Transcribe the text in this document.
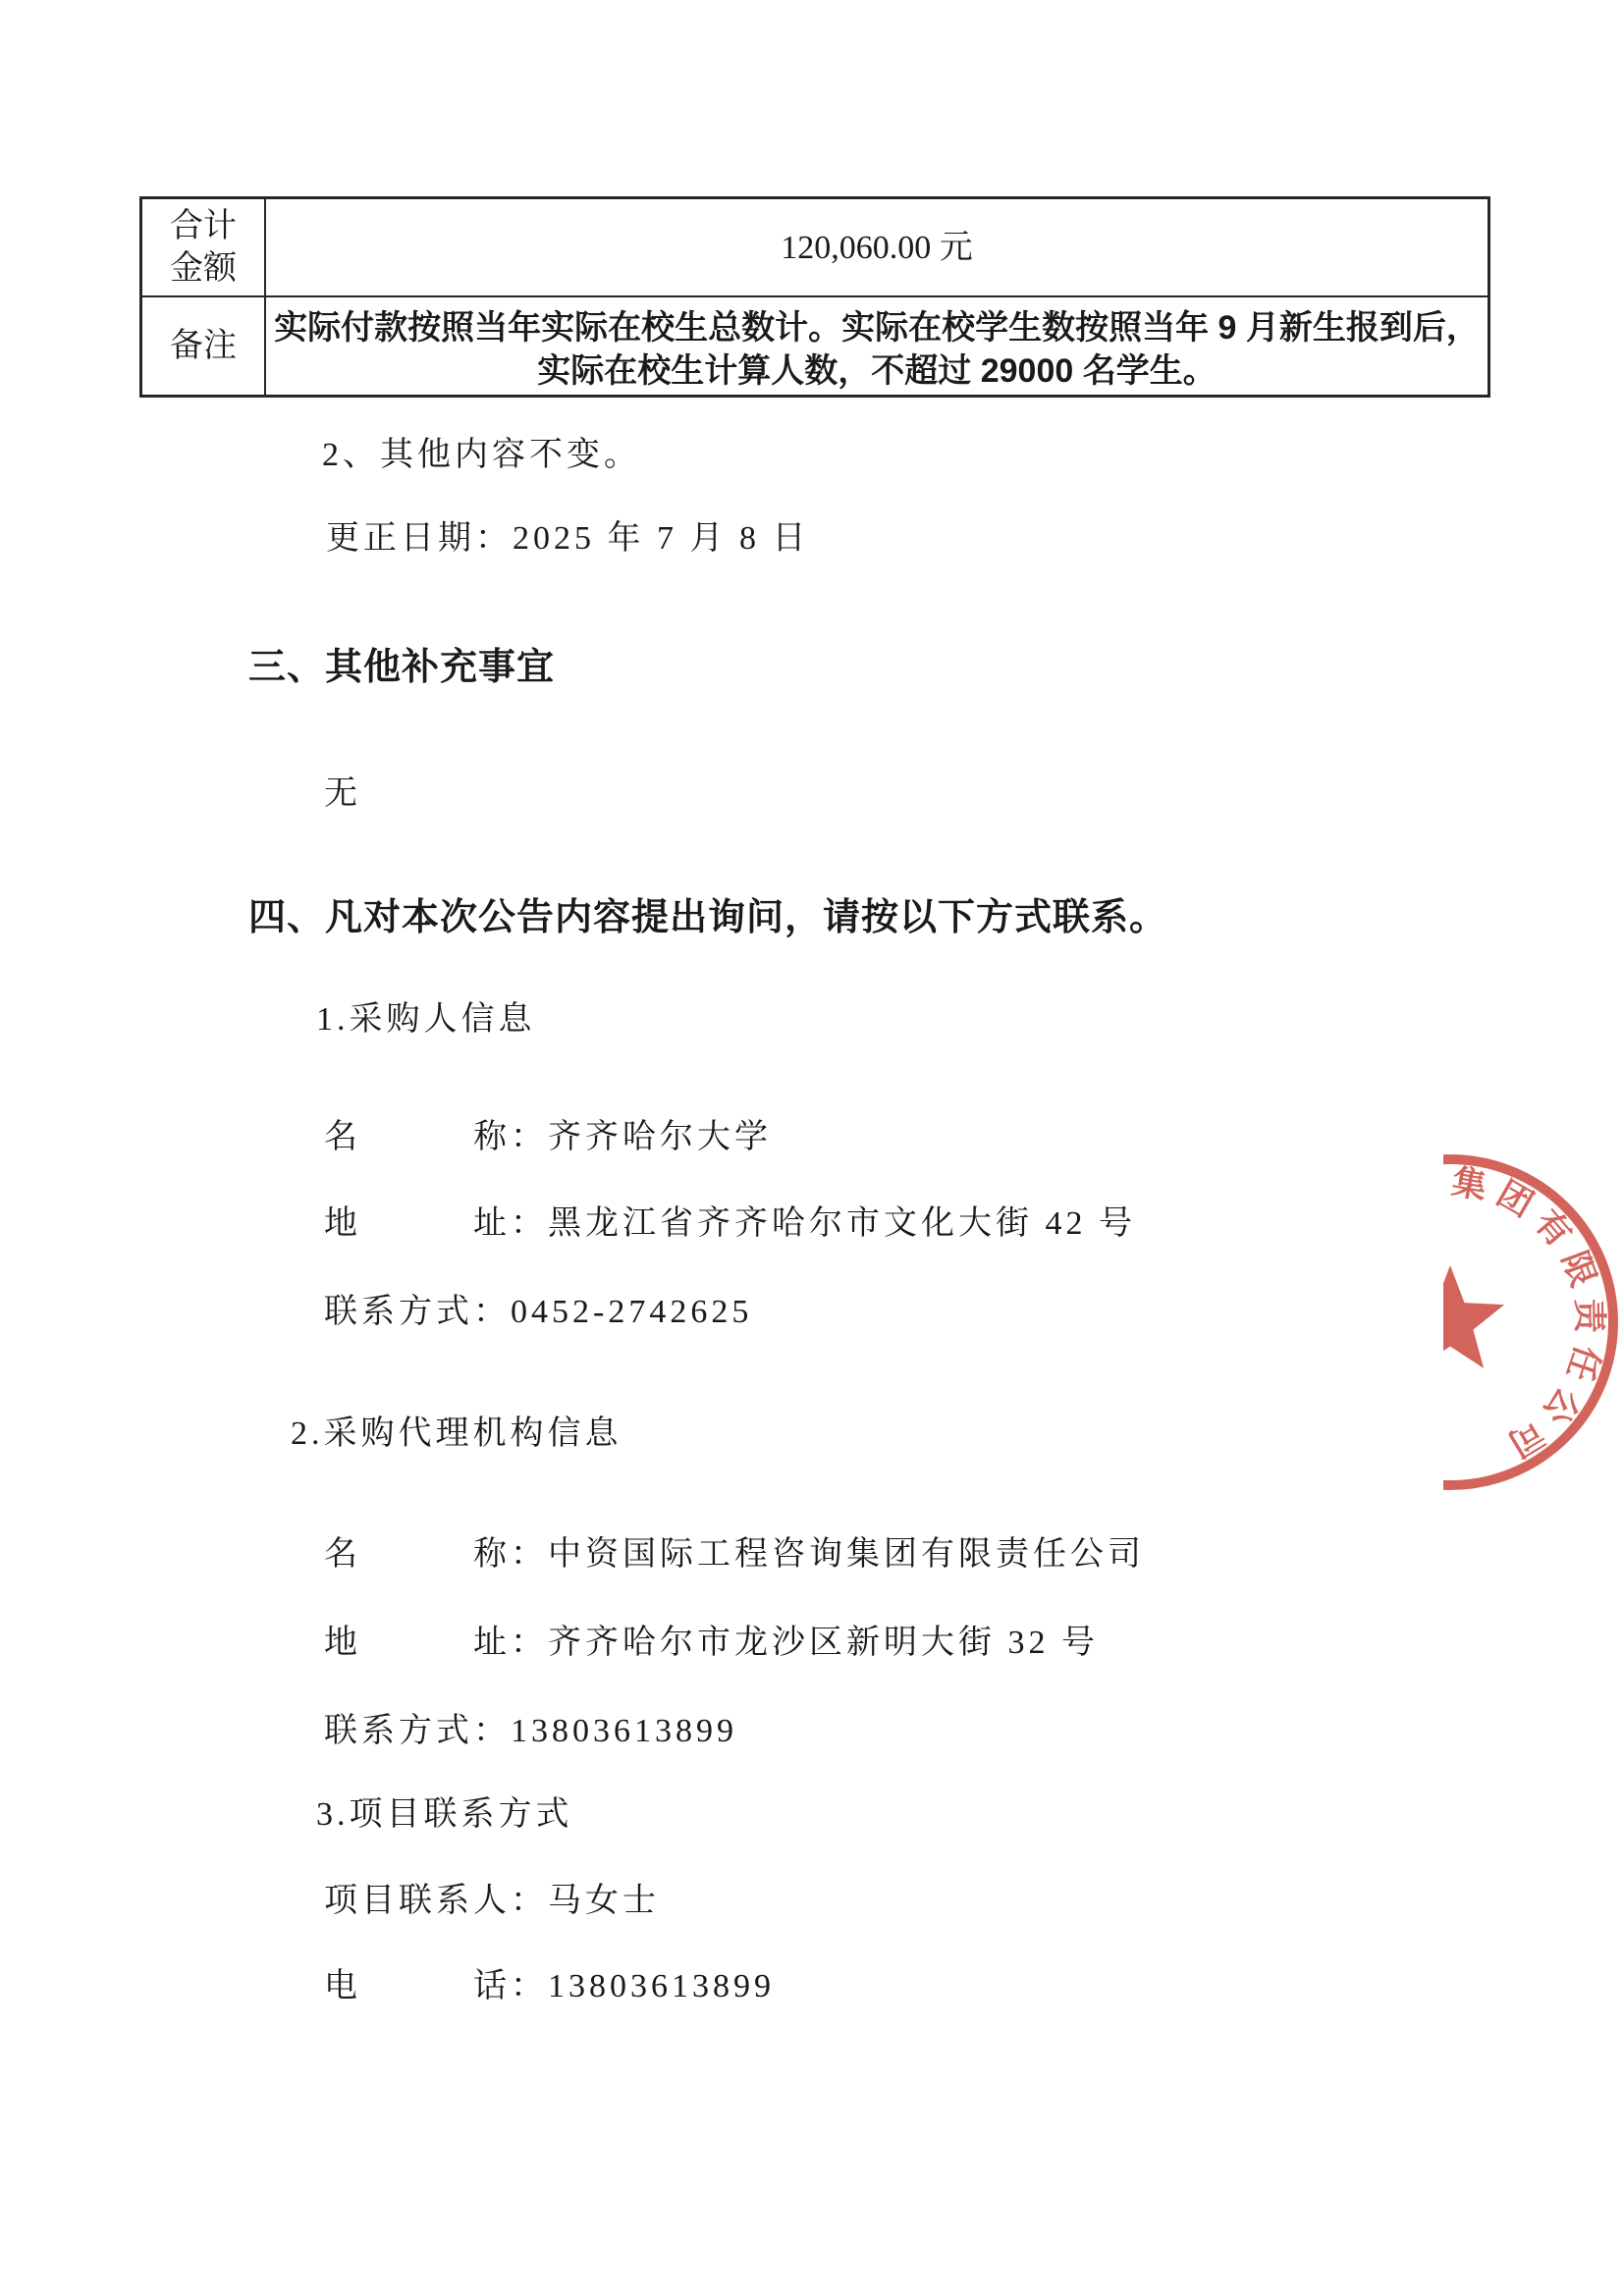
合计
金额
120,060.00 元
备注	实际付款按照当年实际在校生总数计。实际在校学生数按照当年 9 月新生报到后，
实际在校生计算人数，不超过 29000 名学生。
2、其他内容不变。
更正日期：2025 年 7 月 8 日
三、其他补充事宜
无
四、凡对本次公告内容提出询问，请按以下方式联系。
1.采购人信息
名　　　称：齐齐哈尔大学
地　　　址：黑龙江省齐齐哈尔市文化大街 42 号
联系方式：0452-2742625
2.采购代理机构信息
名　　　称：中资国际工程咨询集团有限责任公司
地　　　址：齐齐哈尔市龙沙区新明大街 32 号
联系方式：13803613899
3.项目联系方式
项目联系人：马女士
电　　　话：13803613899
集团有限责任公司
